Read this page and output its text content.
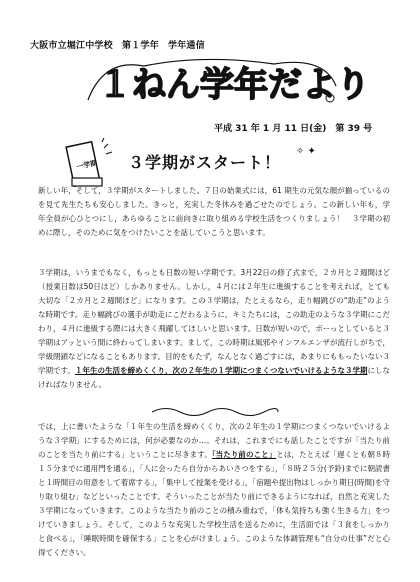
大阪市立堀江中学校　第１学年　学年通信
１ねん学年だより
平成 31 年 1 月 11 日(金)　第 39 号
一学期 ３学期がスタート！
✧ ✦
新しい年，そして，３学期がスタートしました。７日の始業式には，61 期生の元気な顔が揃っているのを見て先生たちも安心しました。きっと，充実した冬休みを過ごせたのでしょう。この新しい年も，学年全員が心ひとつにし，あらゆることに前向きに取り組める学校生活をつくりましょう！　３学期の初めに際し，そのために気をつけたいことを話していこうと思います。
３学期は，いうまでもなく，もっとも日数の短い学期です。3月22日の修了式まで，２カ月と２週間ほど（授業日数は50日ほど）しかありません。しかし，４月には２年生に進級することを考えれば，とても大切な「２カ月と２週間ほど」になります。この３学期は，たとえるなら，走り幅跳びの“助走”のような時期です。走り幅跳びの選手が助走にこだわるように，キミたちには，この助走のような３学期にこだわり，４月に進級する際には大きく飛躍してほしいと思います。日数が短いので，ボーっとしていると３学期はアッという間に終わってしまいます。まして，この時期は風邪やインフルエンザが流行しがちで，学級閉鎖などになることもあります。目的をもたず，なんとなく過ごすには，あまりにももったいない３学期です。１年生の生活を締めくくり，次の２年生の１学期につまくつないでいけるような３学期にしなければなりません。
では，上に書いたような「１年生の生活を締めくくり，次の２年生の１学期につまくつないでいけるような３学期」にするためには，何が必要なのか…。それは，これまでにも話したことですが「当たり前のことを当たり前にする」ということに尽きます。「当たり前のこと」とは，たとえば「遅くとも朝８時１５分までに通用門を通る」，「人に会ったら自分からあいさつをする」，「８時２５分(予鈴)までに朝読書と１時間目の用意をして着席する」，「集中して授業を受ける」，「宿題や提出物はしっかり期日(時間)を守り取り組む」などといったことです。そういったことが当たり前にできるようになれば，自然と充実した３学期になっていきます。このような当たり前のことの積み重ねで，「体も気持ちも強く生きる力」をつけていきましょう。そして，このような充実した学校生活を送るために，生活面では「３食をしっかりと食べる」，「睡眠時間を確保する」ことを心がけましょう。このような体調管理も“自分の仕事”だと心得てください。
